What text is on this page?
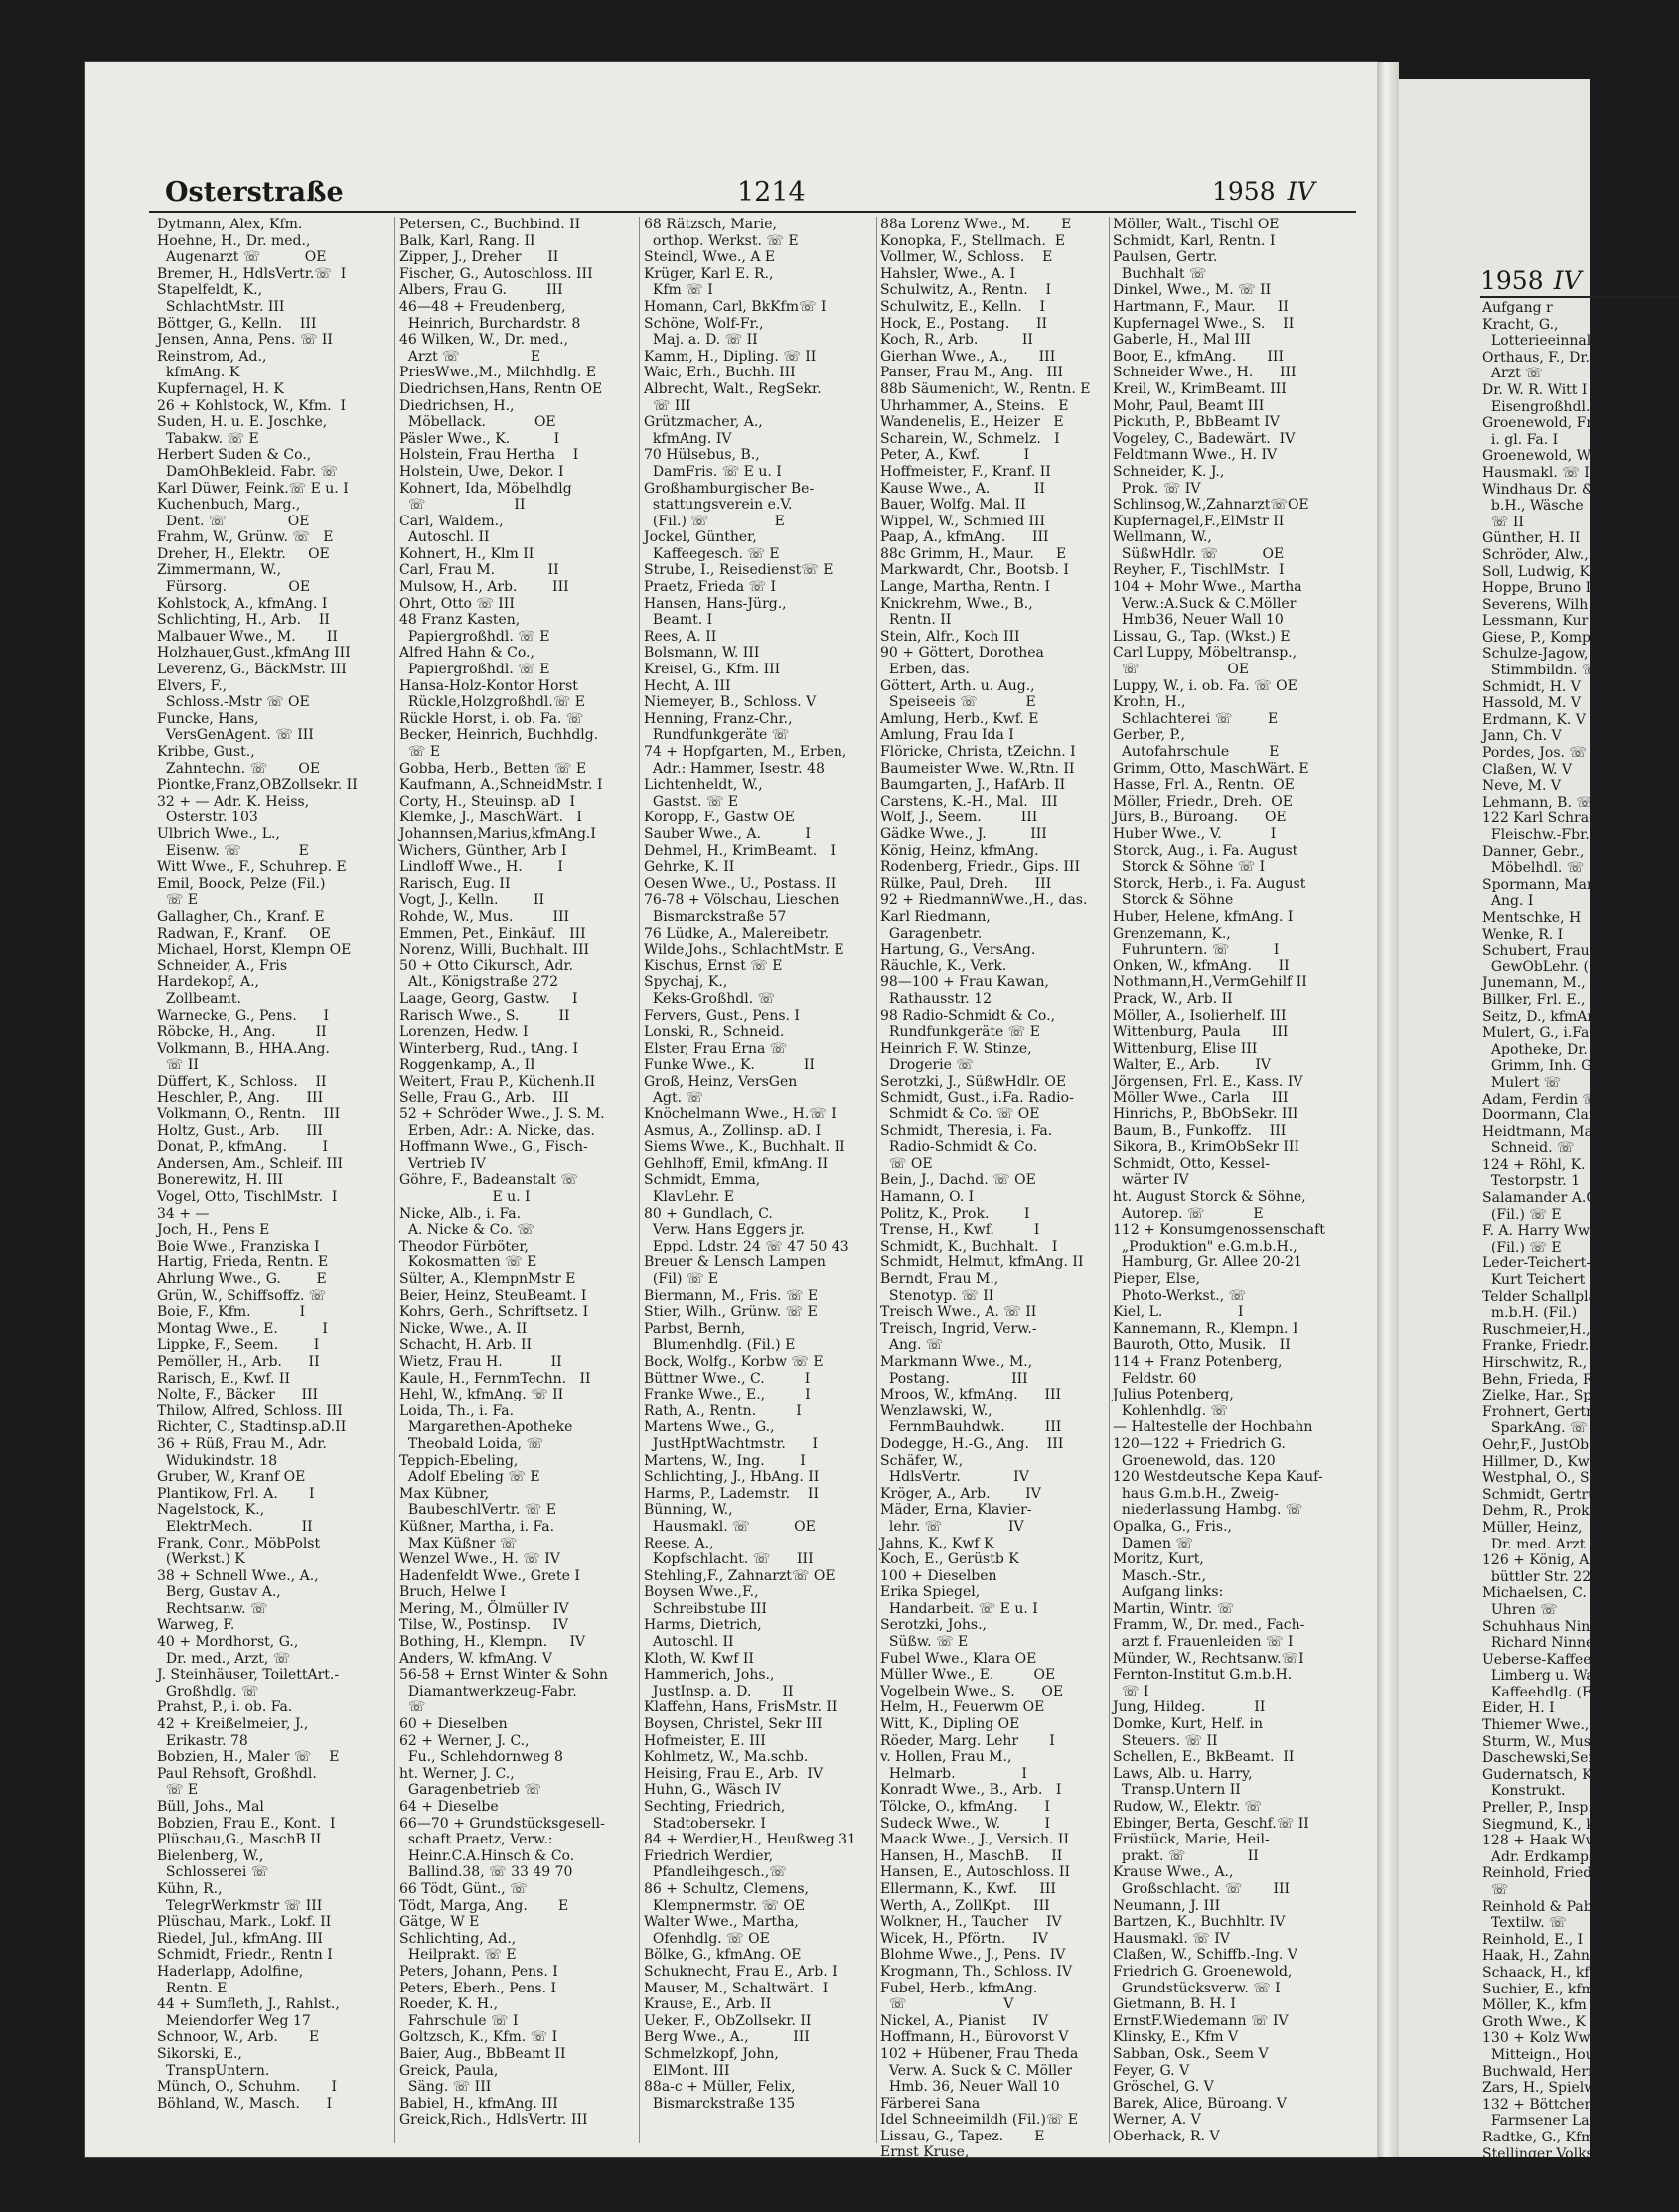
1958 IV
Aufgang r
Kracht, G.,
Lotterieeinnal
Orthaus, F., Dr.
Arzt ☏
Dr. W. R. Witt I
Eisengroßhdl.
Groenewold, Fr
i. gl. Fa. I
Groenewold, W
Hausmakl. ☏ II
Windhaus Dr. &
b.H., Wäsche
☏ II
Günther, H. II
Schröder, Alw.,
Soll, Ludwig, K
Hoppe, Bruno I
Severens, Wilh
Lessmann, Kur
Giese, P., Komp
Schulze-Jagow,
Stimmbildn. ☏
Schmidt, H. V
Hassold, M. V
Erdmann, K. V
Jann, Ch. V
Pordes, Jos. ☏
Claßen, W. V
Neve, M. V
Lehmann, B. ☏
122 Karl Schrade
Fleischw.-Fbr.
Danner, Gebr.,
Möbelhdl. ☏
Spormann, Mar
Ang. I
Mentschke, H
Wenke, R. I
Schubert, Frau H
GewObLehr. (
Junemann, M.,
Billker, Frl. E.,
Seitz, D., kfmAr
Mulert, G., i.Fa.
Apotheke, Dr.
Grimm, Inh. G
Mulert ☏
Adam, Ferdin ☏
Doormann, Clar
Heidtmann, Mar
Schneid. ☏
124 + Röhl, K. H
Testorpstr. 1
Salamander A.G
(Fil.) ☏ E
F. A. Harry Ww
(Fil.) ☏ E
Leder-Teichert-S
Kurt Teichert
Telder Schallpla
m.b.H. (Fil.)
Ruschmeier,H., S
Franke, Friedr.
Hirschwitz, R., D
Behn, Frieda, R
Zielke, Har., Sp
Frohnert, Gertr.
SparkAng. ☏
Oehr,F., JustOb
Hillmer, D., Kw
Westphal, O., S
Schmidt, Gertru
Dehm, R., Prok
Müller, Heinz,
Dr. med. Arzt
126 + König, Alf
büttler Str. 22
Michaelsen, C. u
Uhren ☏
Schuhhaus Ninn
Richard Ninne
Ueberse-Kaffee
Limberg u. Wa
Kaffeehdlg. (F
Eider, H. I
Thiemer Wwe.,
Sturm, W., Mus.
Daschewski,Seni
Gudernatsch, K.-
Konstrukt.
Preller, P., Insp.
Siegmund, K., kf
128 + Haak Wwe
Adr. Erdkamps
Reinhold, Frieda
☏
Reinhold & Pab
Textilw. ☏
Reinhold, E., I
Haak, H., Zahna
Schaack, H., kfm
Suchier, E., kfm
Möller, K., kfm
Groth Wwe., K
130 + Kolz Wwe
Mitteign., Hou
Buchwald, Herm
Zars, H., Spielw.
132 + Böttcher,
Farmsener Lan
Radtke, G., Kfm
Stellinger Volksb
(Fil.) (Abt. Eim
Schmidt, Wilh.,
Kürschnerei ☏
Osterstraße	1214	1958 IV
Dytmann, Alex, Kfm.
Hoehne, H., Dr. med.,
Augenarzt ☏          OE
Bremer, H., HdlsVertr.☏  I
Stapelfeldt, K.,
SchlachtMstr. III
Böttger, G., Kelln.    III
Jensen, Anna, Pens. ☏ II
Reinstrom, Ad.,
kfmAng. K
Kupfernagel, H. K
26 + Kohlstock, W., Kfm.  I
Suden, H. u. E. Joschke,
Tabakw. ☏ E
Herbert Suden & Co.,
DamOhBekleid. Fabr. ☏
Karl Düwer, Feink.☏ E u. I
Kuchenbuch, Marg.,
Dent. ☏              OE
Frahm, W., Grünw. ☏   E
Dreher, H., Elektr.     OE
Zimmermann, W.,
Fürsorg.              OE
Kohlstock, A., kfmAng. I
Schlichting, H., Arb.    II
Malbauer Wwe., M.       II
Holzhauer,Gust.,kfmAng III
Leverenz, G., BäckMstr. III
Elvers, F.,
Schloss.-Mstr ☏ OE
Funcke, Hans,
VersGenAgent. ☏ III
Kribbe, Gust.,
Zahntechn. ☏       OE
Piontke,Franz,OBZollsekr. II
32 + — Adr. K. Heiss,
Osterstr. 103
Ulbrich Wwe., L.,
Eisenw. ☏             E
Witt Wwe., F., Schuhrep. E
Emil, Boock, Pelze (Fil.)
☏ E
Gallagher, Ch., Kranf. E
Radwan, F., Kranf.     OE
Michael, Horst, Klempn OE
Schneider, A., Fris
Hardekopf, A.,
Zollbeamt.
Warnecke, G., Pens.      I
Röbcke, H., Ang.         II
Volkmann, B., HHA.Ang.
☏ II
Düffert, K., Schloss.    II
Heschler, P., Ang.      III
Volkmann, O., Rentn.    III
Holtz, Gust., Arb.      III
Donat, P., kfmAng.        I
Andersen, Am., Schleif. III
Bonerewitz, H. III
Vogel, Otto, TischlMstr.  I
34 + —
Joch, H., Pens E
Boie Wwe., Franziska I
Hartig, Frieda, Rentn. E
Ahrlung Wwe., G.        E
Grün, W., Schiffsoffz. ☏
Boie, F., Kfm.           I
Montag Wwe., E.          I
Lippke, F., Seem.        I
Pemöller, H., Arb.      II
Rarisch, E., Kwf. II
Nolte, F., Bäcker      III
Thilow, Alfred, Schloss. III
Richter, C., Stadtinsp.aD.II
36 + Rüß, Frau M., Adr.
Widukindstr. 18
Gruber, W., Kranf OE
Plantikow, Frl. A.       I
Nagelstock, K.,
ElektrMech.           II
Frank, Conr., MöbPolst
(Werkst.) K
38 + Schnell Wwe., A.,
Berg, Gustav A.,
Rechtsanw. ☏
Warweg, F.
40 + Mordhorst, G.,
Dr. med., Arzt, ☏
J. Steinhäuser, ToilettArt.-
Großhdlg. ☏
Prahst, P., i. ob. Fa.
42 + Kreißelmeier, J.,
Erikastr. 78
Bobzien, H., Maler ☏    E
Paul Rehsoft, Großhdl.
☏ E
Büll, Johs., Mal
Bobzien, Frau E., Kont.  I
Plüschau,G., MaschB II
Bielenberg, W.,
Schlosserei ☏
Kühn, R.,
TelegrWerkmstr ☏ III
Plüschau, Mark., Lokf. II
Riedel, Jul., kfmAng. III
Schmidt, Friedr., Rentn I
Haderlapp, Adolfine,
Rentn. E
44 + Sumfleth, J., Rahlst.,
Meiendorfer Weg 17
Schnoor, W., Arb.       E
Sikorski, E.,
TranspUntern.
Münch, O., Schuhm.       I
Böhland, W., Masch.      I
Petersen, C., Buchbind. II
Balk, Karl, Rang. II
Zipper, J., Dreher      II
Fischer, G., Autoschloss. III
Albers, Frau G.         III
46—48 + Freudenberg,
Heinrich, Burchardstr. 8
46 Wilken, W., Dr. med.,
Arzt ☏                E
PriesWwe.,M., Milchhdlg. E
Diedrichsen,Hans, Rentn OE
Diedrichsen, H.,
Möbellack.           OE
Päsler Wwe., K.          I
Holstein, Frau Hertha    I
Holstein, Uwe, Dekor. I
Kohnert, Ida, Möbelhdlg
☏                    II
Carl, Waldem.,
Autoschl. II
Kohnert, H., Klm II
Carl, Frau M.            II
Mulsow, H., Arb.        III
Ohrt, Otto ☏ III
48 Franz Kasten,
Papiergroßhdl. ☏ E
Alfred Hahn & Co.,
Papiergroßhdl. ☏ E
Hansa-Holz-Kontor Horst
Rückle,Holzgroßhdl.☏ E
Rückle Horst, i. ob. Fa. ☏
Becker, Heinrich, Buchhdlg.
☏ E
Gobba, Herb., Betten ☏ E
Kaufmann, A.,SchneidMstr. I
Corty, H., Steuinsp. aD  I
Klemke, J., MaschWärt.   I
Johannsen,Marius,kfmAng.I
Wichers, Günther, Arb I
Lindloff Wwe., H.        I
Rarisch, Eug. II
Vogt, J., Kelln.        II
Rohde, W., Mus.         III
Emmen, Pet., Einkäuf.   III
Norenz, Willi, Buchhalt. III
50 + Otto Cikursch, Adr.
Alt., Königstraße 272
Laage, Georg, Gastw.     I
Rarisch Wwe., S.         II
Lorenzen, Hedw. I
Winterberg, Rud., tAng. I
Roggenkamp, A., II
Weitert, Frau P., Küchenh.II
Selle, Frau G., Arb.    III
52 + Schröder Wwe., J. S. M.
Erben, Adr.: A. Nicke, das.
Hoffmann Wwe., G., Fisch-
Vertrieb IV
Göhre, F., Badeanstalt ☏
E u. I
Nicke, Alb., i. Fa.
A. Nicke & Co. ☏
Theodor Fürböter,
Kokosmatten ☏ E
Sülter, A., KlempnMstr E
Beier, Heinz, SteuBeamt. I
Kohrs, Gerh., Schriftsetz. I
Nicke, Wwe., A. II
Schacht, H. Arb. II
Wietz, Frau H.           II
Kaule, H., FernmTechn.   II
Hehl, W., kfmAng. ☏ II
Loida, Th., i. Fa.
Margarethen-Apotheke
Theobald Loida, ☏
Teppich-Ebeling,
Adolf Ebeling ☏ E
Max Kübner,
BaubeschlVertr. ☏ E
Küßner, Martha, i. Fa.
Max Küßner ☏
Wenzel Wwe., H. ☏ IV
Hadenfeldt Wwe., Grete I
Bruch, Helwe I
Mering, M., Ölmüller IV
Tilse, W., Postinsp.     IV
Bothing, H., Klempn.     IV
Anders, W. kfmAng. V
56-58 + Ernst Winter & Sohn
Diamantwerkzeug-Fabr.
☏
60 + Dieselben
62 + Werner, J. C.,
Fu., Schlehdornweg 8
ht. Werner, J. C.,
Garagenbetrieb ☏
64 + Dieselbe
66—70 + Grundstücksgesell-
schaft Praetz, Verw.:
Heinr.C.A.Hinsch & Co.
Ballind.38, ☏ 33 49 70
66 Tödt, Günt., ☏
Tödt, Marga, Ang.       E
Gätge, W E
Schlichting, Ad.,
Heilprakt. ☏ E
Peters, Johann, Pens. I
Peters, Eberh., Pens. I
Roeder, K. H.,
Fahrschule ☏ I
Goltzsch, K., Kfm. ☏ I
Baier, Aug., BbBeamt II
Greick, Paula,
Säng. ☏ III
Babiel, H., kfmAng. III
Greick,Rich., HdlsVertr. III
68 Rätzsch, Marie,
orthop. Werkst. ☏ E
Steindl, Wwe., A E
Krüger, Karl E. R.,
Kfm ☏ I
Homann, Carl, BkKfm☏ I
Schöne, Wolf-Fr.,
Maj. a. D. ☏ II
Kamm, H., Dipling. ☏ II
Waic, Erh., Buchh. III
Albrecht, Walt., RegSekr.
☏ III
Grützmacher, A.,
kfmAng. IV
70 Hülsebus, B.,
DamFris. ☏ E u. I
Großhamburgischer Be-
stattungsverein e.V.
(Fil.) ☏               E
Jockel, Günther,
Kaffeegesch. ☏ E
Strube, I., Reisedienst☏ E
Praetz, Frieda ☏ I
Hansen, Hans-Jürg.,
Beamt. I
Rees, A. II
Bolsmann, W. III
Kreisel, G., Kfm. III
Hecht, A. III
Niemeyer, B., Schloss. V
Henning, Franz-Chr.,
Rundfunkgeräte ☏
74 + Hopfgarten, M., Erben,
Adr.: Hammer, Isestr. 48
Lichtenheldt, W.,
Gastst. ☏ E
Koropp, F., Gastw OE
Sauber Wwe., A.          I
Dehmel, H., KrimBeamt.   I
Gehrke, K. II
Oesen Wwe., U., Postass. II
76-78 + Völschau, Lieschen
Bismarckstraße 57
76 Lüdke, A., Malereibetr.
Wilde,Johs., SchlachtMstr. E
Kischus, Ernst ☏ E
Spychaj, K.,
Keks-Großhdl. ☏
Fervers, Gust., Pens. I
Lonski, R., Schneid.
Elster, Frau Erna ☏
Funke Wwe., K.           II
Groß, Heinz, VersGen
Agt. ☏
Knöchelmann Wwe., H.☏ I
Asmus, A., Zollinsp. aD. I
Siems Wwe., K., Buchhalt. II
Gehlhoff, Emil, kfmAng. II
Schmidt, Emma,
KlavLehr. E
80 + Gundlach, C.
Verw. Hans Eggers jr.
Eppd. Ldstr. 24 ☏ 47 50 43
Breuer & Lensch Lampen
(Fil) ☏ E
Biermann, M., Fris. ☏ E
Stier, Wilh., Grünw. ☏ E
Parbst, Bernh,
Blumenhdlg. (Fil.) E
Bock, Wolfg., Korbw ☏ E
Büttner Wwe., C.         I
Franke Wwe., E.,         I
Rath, A., Rentn.         I
Martens Wwe., G.,
JustHptWachtmstr.      I
Martens, W., Ing.        I
Schlichting, J., HbAng. II
Harms, P., Lademstr.    II
Bünning, W.,
Hausmakl. ☏          OE
Reese, A.,
Kopfschlacht. ☏      III
Stehling,F., Zahnarzt☏ OE
Boysen Wwe.,F.,
Schreibstube III
Harms, Dietrich,
Autoschl. II
Kloth, W. Kwf II
Hammerich, Johs.,
JustInsp. a. D.       II
Klaffehn, Hans, FrisMstr. II
Boysen, Christel, Sekr III
Hofmeister, E. III
Kohlmetz, W., Ma.schb.
Heising, Frau E., Arb.  IV
Huhn, G., Wäsch IV
Sechting, Friedrich,
Stadtobersekr. I
84 + Werdier,H., Heußweg 31
Friedrich Werdier,
Pfandleihgesch.,☏
86 + Schultz, Clemens,
Klempnermstr. ☏ OE
Walter Wwe., Martha,
Ofenhdlg. ☏ OE
Bölke, G., kfmAng. OE
Schuknecht, Frau E., Arb. I
Mauser, M., Schaltwärt.  I
Krause, E., Arb. II
Ueker, F., ObZollsekr. II
Berg Wwe., A.,          III
Schmelzkopf, John,
ElMont. III
88a-c + Müller, Felix,
Bismarckstraße 135
88a Lorenz Wwe., M.       E
Konopka, F., Stellmach.  E
Vollmer, W., Schloss.    E
Hahsler, Wwe., A. I
Schulwitz, A., Rentn.    I
Schulwitz, E., Kelln.    I
Hock, E., Postang.      II
Koch, R., Arb.          II
Gierhan Wwe., A.,       III
Panser, Frau M., Ang.   III
88b Säumenicht, W., Rentn. E
Uhrhammer, A., Steins.   E
Wandenelis, E., Heizer   E
Scharein, W., Schmelz.   I
Peter, A., Kwf.          I
Hoffmeister, F., Kranf. II
Kause Wwe., A.          II
Bauer, Wolfg. Mal. II
Wippel, W., Schmied III
Paap, A., kfmAng.      III
88c Grimm, H., Maur.     E
Markwardt, Chr., Bootsb. I
Lange, Martha, Rentn. I
Knickrehm, Wwe., B.,
Rentn. II
Stein, Alfr., Koch III
90 + Göttert, Dorothea
Erben, das.
Göttert, Arth. u. Aug.,
Speiseeis ☏           E
Amlung, Herb., Kwf. E
Amlung, Frau Ida I
Flöricke, Christa, tZeichn. I
Baumeister Wwe. W.,Rtn. II
Baumgarten, J., HafArb. II
Carstens, K.-H., Mal.   III
Wolf, J., Seem.         III
Gädke Wwe., J.          III
König, Heinz, kfmAng.
Rodenberg, Friedr., Gips. III
Rülke, Paul, Dreh.      III
92 + RiedmannWwe.,H., das.
Karl Riedmann,
Garagenbetr.
Hartung, G., VersAng.
Räuchle, K., Verk.
98—100 + Frau Kawan,
Rathausstr. 12
98 Radio-Schmidt & Co.,
Rundfunkgeräte ☏ E
Heinrich F. W. Stinze,
Drogerie ☏
Serotzki, J., SüßwHdlr. OE
Schmidt, Gust., i.Fa. Radio-
Schmidt & Co. ☏ OE
Schmidt, Theresia, i. Fa.
Radio-Schmidt & Co.
☏ OE
Bein, J., Dachd. ☏ OE
Hamann, O. I
Politz, K., Prok.        I
Trense, H., Kwf.         I
Schmidt, K., Buchhalt.   I
Schmidt, Helmut, kfmAng. II
Berndt, Frau M.,
Stenotyp. ☏ II
Treisch Wwe., A. ☏ II
Treisch, Ingrid, Verw.-
Ang. ☏
Markmann Wwe., M.,
Postang.              III
Mroos, W., kfmAng.      III
Wenzlawski, W.,
FernmBauhdwk.         III
Dodegge, H.-G., Ang.    III
Schäfer, W.,
HdlsVertr.            IV
Kröger, A., Arb.        IV
Mäder, Erna, Klavier-
lehr. ☏               IV
Jahns, K., Kwf K
Koch, E., Gerüstb K
100 + Dieselben
Erika Spiegel,
Handarbeit. ☏ E u. I
Serotzki, Johs.,
Süßw. ☏ E
Fubel Wwe., Klara OE
Müller Wwe., E.         OE
Vogelbein Wwe., S.      OE
Helm, H., Feuerwm OE
Witt, K., Dipling OE
Röeder, Marg. Lehr       I
v. Hollen, Frau M.,
Helmarb.               I
Konradt Wwe., B., Arb.   I
Tölcke, O., kfmAng.      I
Sudeck Wwe., W.          I
Maack Wwe., J., Versich. II
Hansen, H., MaschB.     II
Hansen, E., Autoschloss. II
Ellermann, K., Kwf.     III
Werth, A., ZollKpt.     III
Wolkner, H., Taucher    IV
Wicek, H., Pförtn.      IV
Blohme Wwe., J., Pens.  IV
Krogmann, Th., Schloss. IV
Fubel, Herb., kfmAng.
☏                      V
Nickel, A., Pianist      IV
Hoffmann, H., Bürovorst V
102 + Hübener, Frau Theda
Verw. A. Suck & C. Möller
Hmb. 36, Neuer Wall 10
Färberei Sana
Idel Schneeimildh (Fil.)☏ E
Lissau, G., Tapez.       E
Ernst Kruse,
EisenwHdl. ☏           E
Möller, Walt., Tischl OE
Schmidt, Karl, Rentn. I
Paulsen, Gertr.
Buchhalt ☏
Dinkel, Wwe., M. ☏ II
Hartmann, F., Maur.     II
Kupfernagel Wwe., S.    II
Gaberle, H., Mal III
Boor, E., kfmAng.       III
Schneider Wwe., H.      III
Kreil, W., KrimBeamt. III
Mohr, Paul, Beamt III
Pickuth, P., BbBeamt IV
Vogeley, C., Badewärt.  IV
Feldtmann Wwe., H. IV
Schneider, K. J.,
Prok. ☏ IV
Schlinsog,W.,Zahnarzt☏OE
Kupfernagel,F.,ElMstr II
Wellmann, W.,
SüßwHdlr. ☏          OE
Reyher, F., TischlMstr.  I
104 + Mohr Wwe., Martha
Verw.:A.Suck & C.Möller
Hmb36, Neuer Wall 10
Lissau, G., Tap. (Wkst.) E
Carl Luppy, Möbeltransp.,
☏                    OE
Luppy, W., i. ob. Fa. ☏ OE
Krohn, H.,
Schlachterei ☏        E
Gerber, P.,
Autofahrschule         E
Grimm, Otto, MaschWärt. E
Hasse, Frl. A., Rentn.  OE
Möller, Friedr., Dreh.  OE
Jürs, B., Büroang.      OE
Huber Wwe., V.           I
Storck, Aug., i. Fa. August
Storck & Söhne ☏ I
Storck, Herb., i. Fa. August
Storck & Söhne
Huber, Helene, kfmAng. I
Grenzemann, K.,
Fuhruntern. ☏          I
Onken, W., kfmAng.      II
Nothmann,H.,VermGehilf II
Prack, W., Arb. II
Möller, A., Isolierhelf. III
Wittenburg, Paula       III
Wittenburg, Elise III
Walter, E., Arb.        IV
Jörgensen, Frl. E., Kass. IV
Möller Wwe., Carla     III
Hinrichs, P., BbObSekr. III
Baum, B., Funkoffz.    III
Sikora, B., KrimObSekr III
Schmidt, Otto, Kessel-
wärter IV
ht. August Storck & Söhne,
Autorep. ☏           E
112 + Konsumgenossenschaft
„Produktion" e.G.m.b.H.,
Hamburg, Gr. Allee 20-21
Pieper, Else,
Photo-Werkst., ☏
Kiel, L.                 I
Kannemann, R., Klempn. I
Bauroth, Otto, Musik.   II
114 + Franz Potenberg,
Feldstr. 60
Julius Potenberg,
Kohlenhdlg. ☏
— Haltestelle der Hochbahn
120—122 + Friedrich G.
Groenewold, das. 120
120 Westdeutsche Kepa Kauf-
haus G.m.b.H., Zweig-
niederlassung Hambg. ☏
Opalka, G., Fris.,
Damen ☏
Moritz, Kurt,
Masch.-Str.,
Aufgang links:
Martin, Wintr. ☏
Framm, W., Dr. med., Fach-
arzt f. Frauenleiden ☏ I
Münder, W., Rechtsanw.☏I
Fernton-Institut G.m.b.H.
☏ I
Jung, Hildeg.           II
Domke, Kurt, Helf. in
Steuers. ☏ II
Schellen, E., BkBeamt.  II
Laws, Alb. u. Harry,
Transp.Untern II
Rudow, W., Elektr. ☏
Ebinger, Berta, Geschf.☏ II
Früstück, Marie, Heil-
prakt. ☏              II
Krause Wwe., A.,
Großschlacht. ☏       III
Neumann, J. III
Bartzen, K., Buchhltr. IV
Hausmakl. ☏ IV
Claßen, W., Schiffb.-Ing. V
Friedrich G. Groenewold,
Grundstücksverw. ☏ I
Gietmann, B. H. I
ErnstF.Wiedemann ☏ IV
Klinsky, E., Kfm V
Sabban, Osk., Seem V
Feyer, G. V
Gröschel, G. V
Barek, Alice, Büroang. V
Werner, A. V
Oberhack, R. V
